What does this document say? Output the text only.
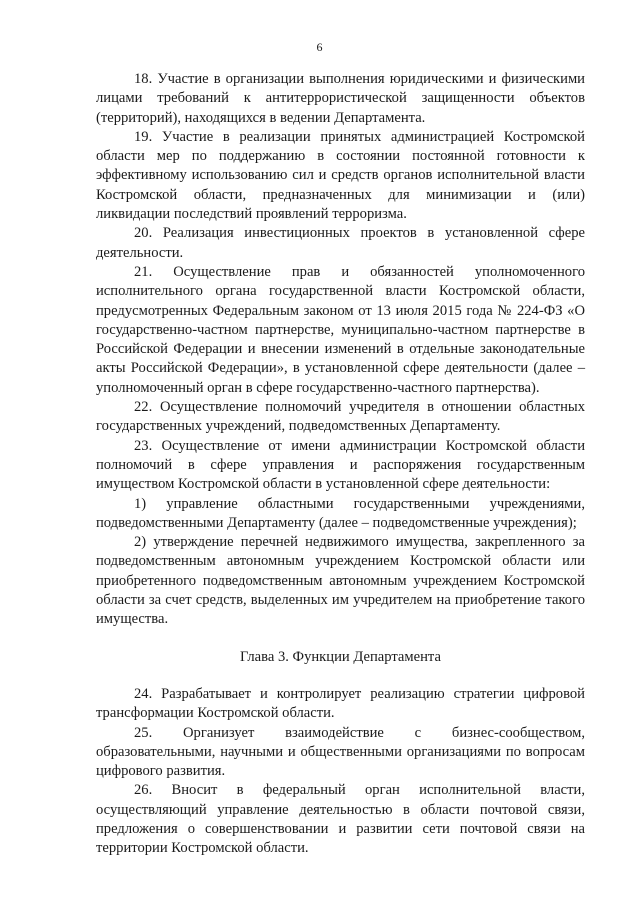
6

18. Участие в организации выполнения юридическими и физическими лицами требований к антитеррористической защищенности объектов (территорий), находящихся в ведении Департамента.

19. Участие в реализации принятых администрацией Костромской области мер по поддержанию в состоянии постоянной готовности к эффективному использованию сил и средств органов исполнительной власти Костромской области, предназначенных для минимизации и (или) ликвидации последствий проявлений терроризма.

20. Реализация инвестиционных проектов в установленной сфере деятельности.

21. Осуществление прав и обязанностей уполномоченного исполнительного органа государственной власти Костромской области, предусмотренных Федеральным законом от 13 июля 2015 года № 224-ФЗ «О государственно-частном партнерстве, муниципально-частном партнерстве в Российской Федерации и внесении изменений в отдельные законодательные акты Российской Федерации», в установленной сфере деятельности (далее – уполномоченный орган в сфере государственно-частного партнерства).

22. Осуществление полномочий учредителя в отношении областных государственных учреждений, подведомственных Департаменту.

23. Осуществление от имени администрации Костромской области полномочий в сфере управления и распоряжения государственным имуществом Костромской области в установленной сфере деятельности:

1) управление областными государственными учреждениями, подведомственными Департаменту (далее – подведомственные учреждения);

2) утверждение перечней недвижимого имущества, закрепленного за подведомственным автономным учреждением Костромской области или приобретенного подведомственным автономным учреждением Костромской области за счет средств, выделенных им учредителем на приобретение такого имущества.

Глава 3. Функции Департамента

24. Разрабатывает и контролирует реализацию стратегии цифровой трансформации Костромской области.

25. Организует взаимодействие с бизнес-сообществом, образовательными, научными и общественными организациями по вопросам цифрового развития.

26. Вносит в федеральный орган исполнительной власти, осуществляющий управление деятельностью в области почтовой связи, предложения о совершенствовании и развитии сети почтовой связи на территории Костромской области.
